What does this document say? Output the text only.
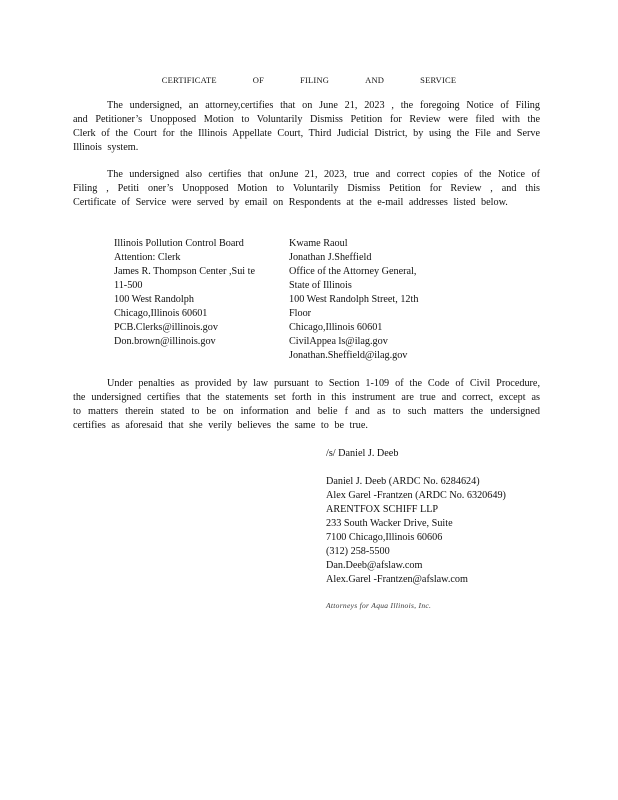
CERTIFICATE	OF	FILING	AND	SERVICE
The undersigned, an attorney,certifies that on June 21, 2023 , the foregoing Notice of Filing and Petitioner’s Unopposed Motion to Voluntarily Dismiss Petition for Review were filed with the Clerk of the Court for the Illinois Appellate Court, Third Judicial District, by using the File and Serve Illinois system.
The undersigned also certifies that onJune 21, 2023, true and correct copies of the Notice of Filing , Petiti oner’s Unopposed Motion to Voluntarily Dismiss Petition for Review , and this Certificate of Service were served by email on Respondents at the e-mail addresses listed below.
Illinois Pollution Control Board
Attention: Clerk
James R. Thompson Center ,Sui te
11-500
100 West Randolph
Chicago,Illinois 60601
PCB.Clerks@illinois.gov
Don.brown@illinois.gov
Kwame Raoul
Jonathan J.Sheffield
Office of the Attorney General,
State of Illinois
100 West Randolph Street, 12th
Floor
Chicago,Illinois 60601
CivilAppea ls@ilag.gov
Jonathan.Sheffield@ilag.gov
Under penalties as provided by law pursuant to Section 1-109 of the Code of Civil Procedure, the undersigned certifies that the statements set forth in this instrument are true and correct, except as to matters therein stated to be on information and belie f and as to such matters the undersigned certifies as aforesaid that she verily believes the same to be true.
/s/ Daniel J. Deeb
Daniel J. Deeb (ARDC No. 6284624)
Alex Garel -Frantzen (ARDC No. 6320649)
ARENTFOX SCHIFF LLP
233 South Wacker Drive, Suite
7100 Chicago,Illinois 60606
(312) 258-5500
Dan.Deeb@afslaw.com
Alex.Garel -Frantzen@afslaw.com
Attorneys for Aqua Illinois, Inc.
